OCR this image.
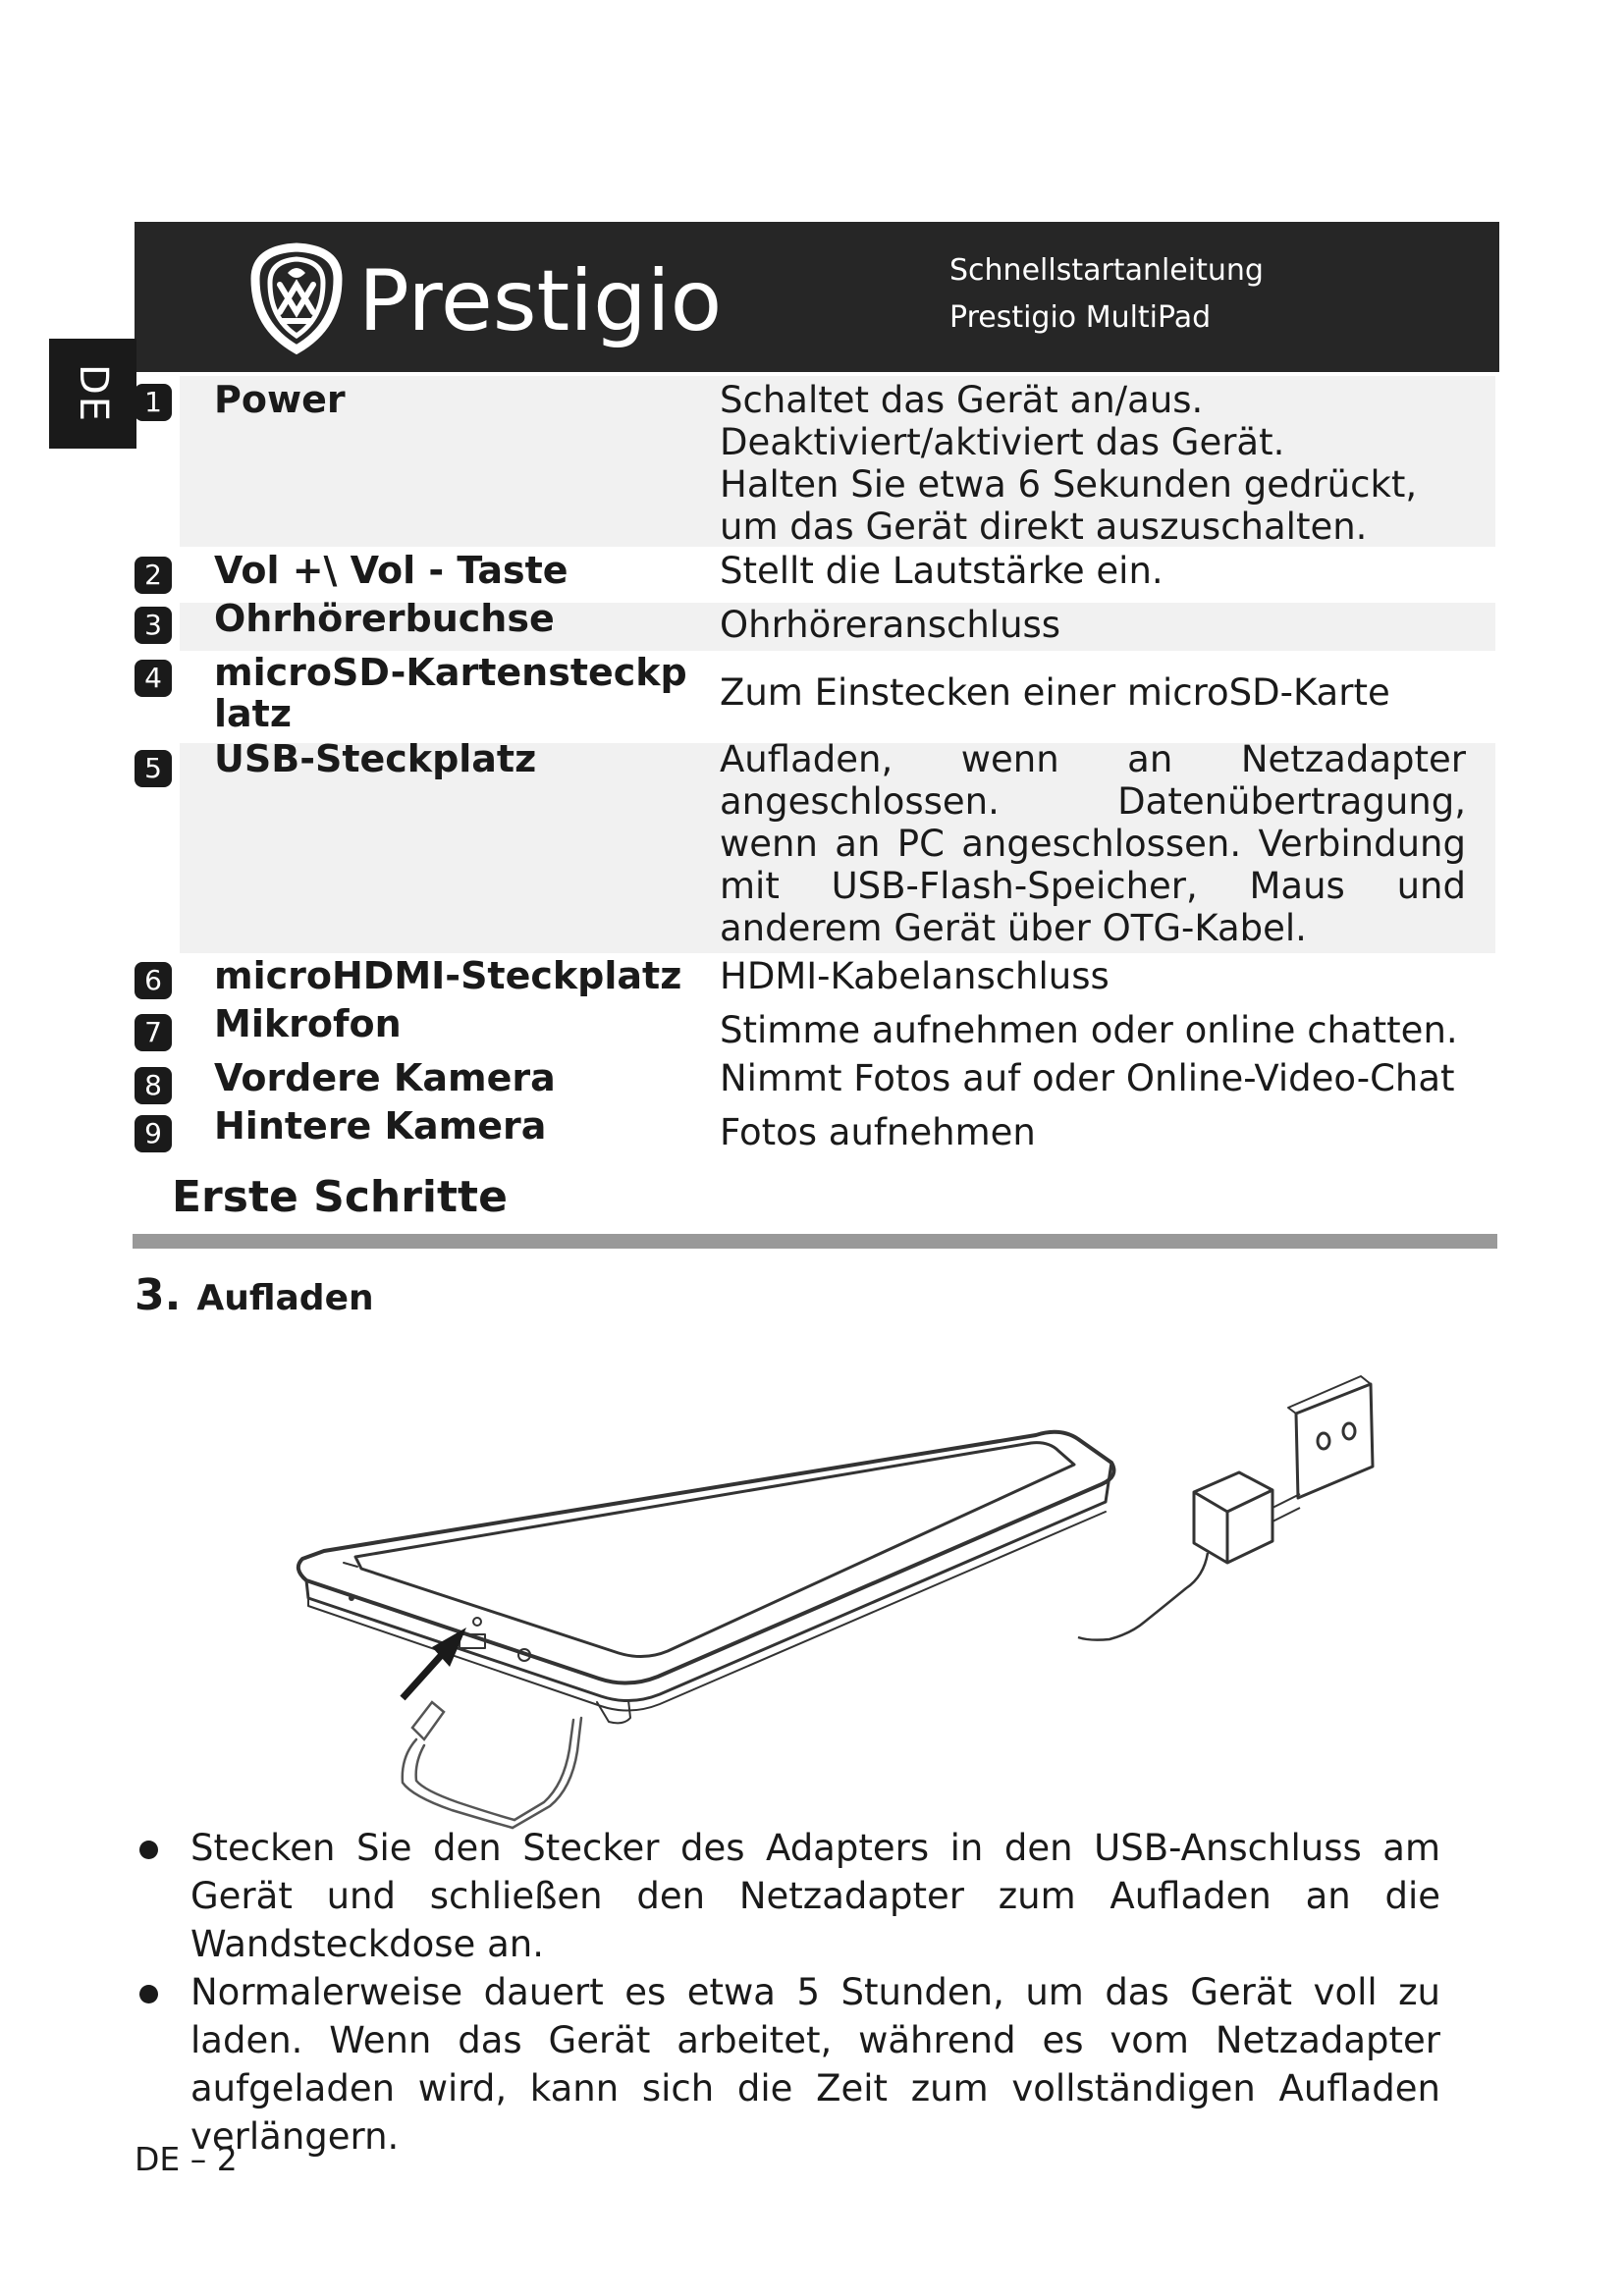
Prestigio	Schnellstartanleitung
Prestigio MultiPad
DE	1 Power	Schaltet das Gerät an/aus.
Deaktiviert/aktiviert das Gerät.
Halten Sie etwa 6 Sekunden gedrückt,
um das Gerät direkt auszuschalten.
2 Vol +\ Vol - Taste	Stellt die Lautstärke ein.
3 Ohrhörerbuchse	Ohrhöreranschluss
4 microSD-Kartensteckplatz	Zum Einstecken einer microSD-Karte
5 USB-Steckplatz	Aufladen, wenn an Netzadapter angeschlossen. Datenübertragung, wenn an PC angeschlossen. Verbindung mit USB-Flash-Speicher, Maus und anderem Gerät über OTG-Kabel.
6 microHDMI-Steckplatz	HDMI-Kabelanschluss
7 Mikrofon	Stimme aufnehmen oder online chatten.
8 Vordere Kamera	Nimmt Fotos auf oder Online-Video-Chat
9 Hintere Kamera	Fotos aufnehmen
Erste Schritte
3. Aufladen
Stecken Sie den Stecker des Adapters in den USB-Anschluss am Gerät und schließen den Netzadapter zum Aufladen an die Wandsteckdose an.
Normalerweise dauert es etwa 5 Stunden, um das Gerät voll zu laden. Wenn das Gerät arbeitet, während es vom Netzadapter aufgeladen wird, kann sich die Zeit zum vollständigen Aufladen verlängern.
DE – 2
